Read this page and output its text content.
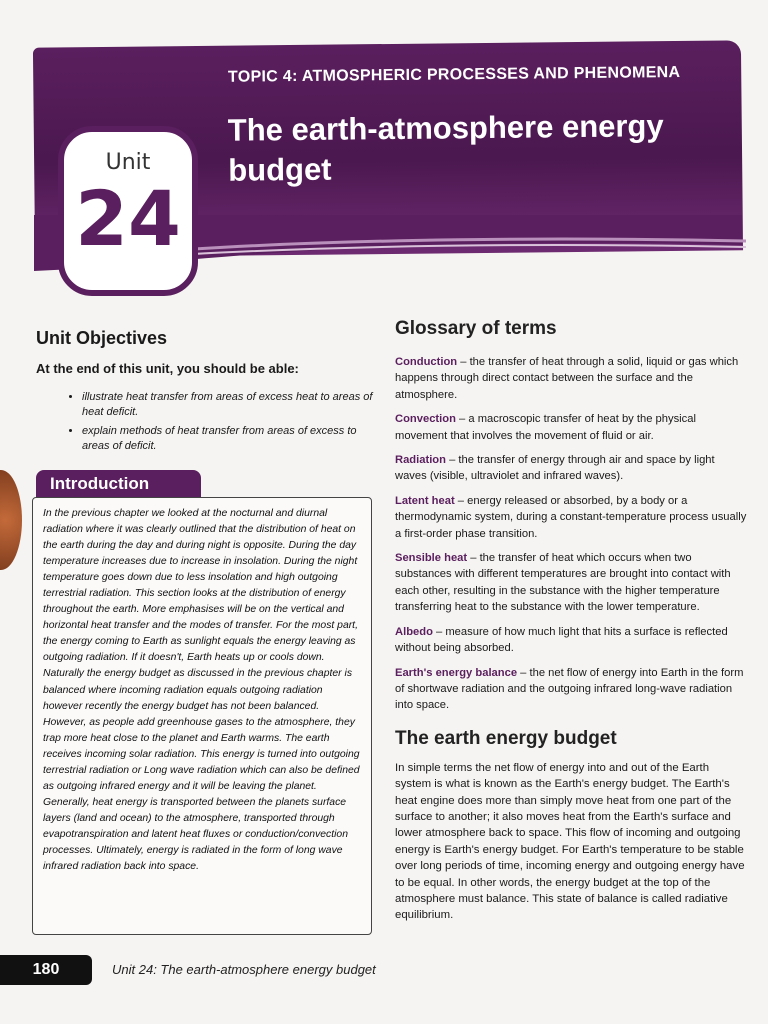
TOPIC 4: ATMOSPHERIC PROCESSES AND PHENOMENA
The earth-atmosphere energy budget
Unit
24
Unit Objectives
At the end of this unit, you should be able:
• illustrate heat transfer from areas of excess heat to areas of heat deficit.
• explain methods of heat transfer from areas of excess to areas of deficit.
Introduction

In the previous chapter we looked at the nocturnal and diurnal radiation where it was clearly outlined that the distribution of heat on the earth during the day and during night is opposite. During the day temperature increases due to increase in insolation. During the night temperature goes down due to less insolation and high outgoing terrestrial radiation. This section looks at the distribution of energy throughout the earth. More emphasises will be on the vertical and horizontal heat transfer and the modes of transfer. For the most part, the energy coming to Earth as sunlight equals the energy leaving as outgoing radiation. If it doesn't, Earth heats up or cools down. Naturally the energy budget as discussed in the previous chapter is balanced where incoming radiation equals outgoing radiation however recently the energy budget has not been balanced. However, as people add greenhouse gases to the atmosphere, they trap more heat close to the planet and Earth warms. The earth receives incoming solar radiation. This energy is turned into outgoing terrestrial radiation or Long wave radiation which can also be defined as outgoing infrared energy and it will be leaving the planet. Generally, heat energy is transported between the planets surface layers (land and ocean) to the atmosphere, transported through evapotranspiration and latent heat fluxes or conduction/convection processes. Ultimately, energy is radiated in the form of long wave infrared radiation back into space.

Glossary of terms

Conduction – the transfer of heat through a solid, liquid or gas which happens through direct contact between the surface and the atmosphere.

Convection – a macroscopic transfer of heat by the physical movement that involves the movement of fluid or air.

Radiation – the transfer of energy through air and space by light waves (visible, ultraviolet and infrared waves).

Latent heat – energy released or absorbed, by a body or a thermodynamic system, during a constant-temperature process usually a first-order phase transition.

Sensible heat – the transfer of heat which occurs when two substances with different temperatures are brought into contact with each other, resulting in the substance with the higher temperature transferring heat to the substance with the lower temperature.

Albedo – measure of how much light that hits a surface is reflected without being absorbed.

Earth's energy balance – the net flow of energy into Earth in the form of shortwave radiation and the outgoing infrared long-wave radiation into space.

The earth energy budget

In simple terms the net flow of energy into and out of the Earth system is what is known as the Earth's energy budget. The Earth's heat engine does more than simply move heat from one part of the surface to another; it also moves heat from the Earth's surface and lower atmosphere back to space. This flow of incoming and outgoing energy is Earth's energy budget. For Earth's temperature to be stable over long periods of time, incoming energy and outgoing energy have to be equal. In other words, the energy budget at the top of the atmosphere must balance. This state of balance is called radiative equilibrium.

180	Unit 24: The earth-atmosphere energy budget
